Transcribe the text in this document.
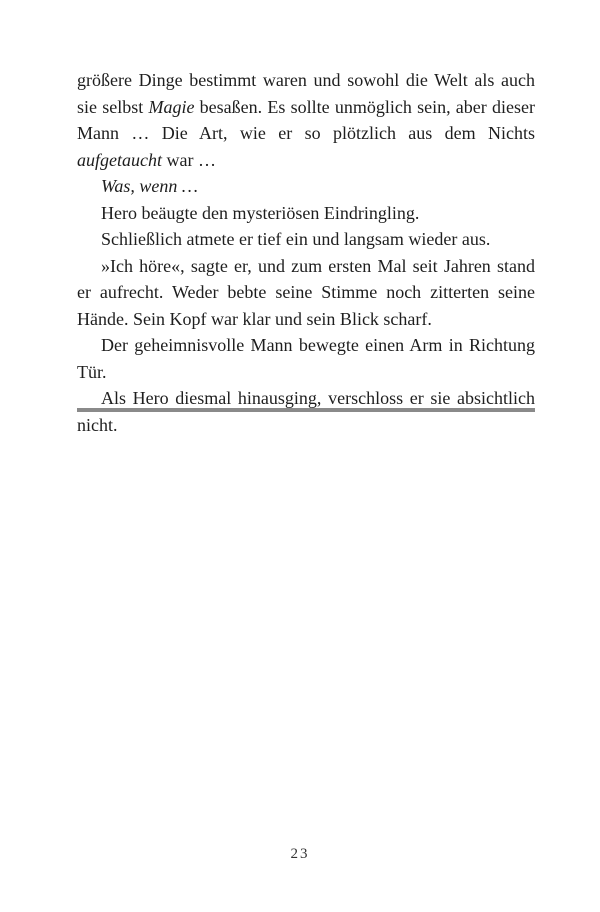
größere Dinge bestimmt waren und sowohl die Welt als auch sie selbst Magie besaßen. Es sollte unmöglich sein, aber dieser Mann … Die Art, wie er so plötzlich aus dem Nichts aufgetaucht war …

Was, wenn …

Hero beäugte den mysteriösen Eindringling.

Schließlich atmete er tief ein und langsam wieder aus.

»Ich höre«, sagte er, und zum ersten Mal seit Jahren stand er aufrecht. Weder bebte seine Stimme noch zitterten seine Hände. Sein Kopf war klar und sein Blick scharf.

Der geheimnisvolle Mann bewegte einen Arm in Richtung Tür.

Als Hero diesmal hinausging, verschloss er sie absichtlich nicht.

23
